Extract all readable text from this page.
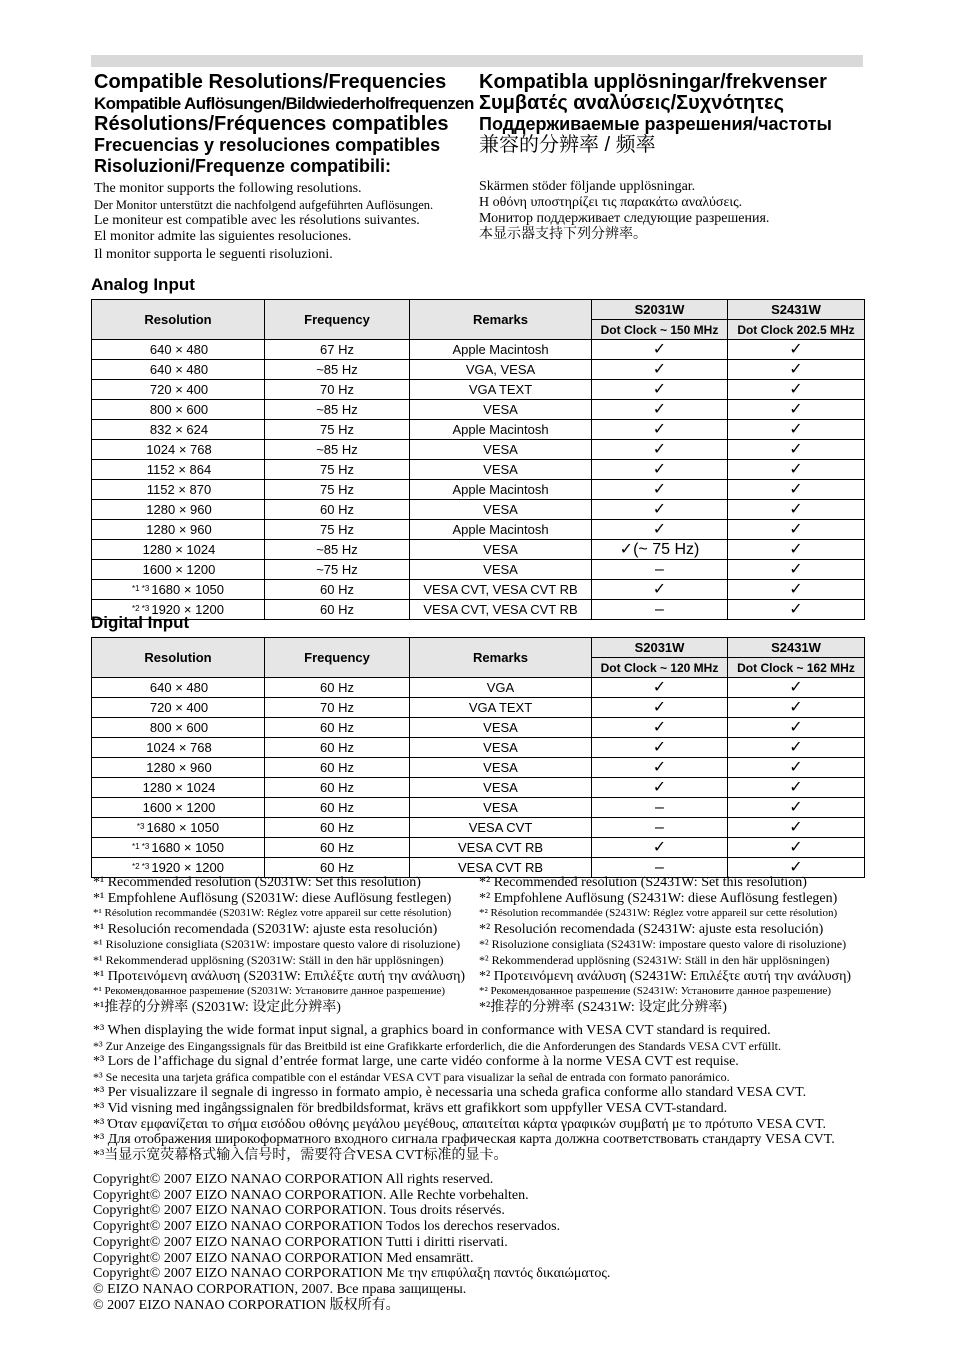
Compatible Resolutions/Frequencies
Kompatible Auflösungen/Bildwiederholfrequenzen
Résolutions/Fréquences compatibles
Frecuencias y resoluciones compatibles
Risoluzioni/Frequenze compatibili:
The monitor supports the following resolutions.
Der Monitor unterstützt die nachfolgend aufgeführten Auflösungen.
Le moniteur est compatible avec les résolutions suivantes.
El monitor admite las siguientes resoluciones.
Il monitor supporta le seguenti risoluzioni.
Kompatibla upplösningar/frekvenser
Συμβατές αναλύσεις/Συχνότητες
Поддерживаемые разрешения/частоты
兼容的分辨率 / 频率
Skärmen stöder följande upplösningar.
Η οθόνη υποστηρίζει τις παρακάτω αναλύσεις.
Монитор поддерживает следующие разрешения.
本显示器支持下列分辨率。
Analog Input
Resolution	Frequency	Remarks	S2031W	S2431W
			Dot Clock ~ 150 MHz	Dot Clock 202.5 MHz
640 × 480	67 Hz	Apple Macintosh	✓	✓
640 × 480	~85 Hz	VGA, VESA	✓	✓
720 × 400	70 Hz	VGA TEXT	✓	✓
800 × 600	~85 Hz	VESA	✓	✓
832 × 624	75 Hz	Apple Macintosh	✓	✓
1024 × 768	~85 Hz	VESA	✓	✓
1152 × 864	75 Hz	VESA	✓	✓
1152 × 870	75 Hz	Apple Macintosh	✓	✓
1280 × 960	60 Hz	VESA	✓	✓
1280 × 960	75 Hz	Apple Macintosh	✓	✓
1280 × 1024	~85 Hz	VESA	✓(~ 75 Hz)	✓
1600 × 1200	~75 Hz	VESA	–	✓
$^{*1 *3}$ 1680 × 1050	60 Hz	VESA CVT, VESA CVT RB	✓	✓
$^{*2 *3}$ 1920 × 1200	60 Hz	VESA CVT, VESA CVT RB	–	✓
Digital Input
Resolution	Frequency	Remarks	S2031W	S2431W
			Dot Clock ~ 120 MHz	Dot Clock ~ 162 MHz
640 × 480	60 Hz	VGA	✓	✓
720 × 400	70 Hz	VGA TEXT	✓	✓
800 × 600	60 Hz	VESA	✓	✓
1024 × 768	60 Hz	VESA	✓	✓
1280 × 960	60 Hz	VESA	✓	✓
1280 × 1024	60 Hz	VESA	✓	✓
1600 × 1200	60 Hz	VESA	–	✓
$^{*3}$ 1680 × 1050	60 Hz	VESA CVT	–	✓
$^{*1 *3}$ 1680 × 1050	60 Hz	VESA CVT RB	✓	✓
$^{*2 *3}$ 1920 × 1200	60 Hz	VESA CVT RB	–	✓
*¹ Recommended resolution (S2031W: Set this resolution)
*¹ Empfohlene Auflösung (S2031W: diese Auflösung festlegen)
*¹ Résolution recommandée (S2031W: Réglez votre appareil sur cette résolution)
*¹ Resolución recomendada (S2031W: ajuste esta resolución)
*¹ Risoluzione consigliata (S2031W: impostare questo valore di risoluzione)
*¹ Rekommenderad upplösning (S2031W: Ställ in den här upplösningen)
*¹ Προτεινόμενη ανάλυση (S2031W: Επιλέξτε αυτή την ανάλυση)
*¹ Рекомендованное разрешение (S2031W: Установите данное разрешение)
*¹推荐的分辨率 (S2031W: 设定此分辨率)
*² Recommended resolution (S2431W: Set this resolution)
*² Empfohlene Auflösung (S2431W: diese Auflösung festlegen)
*² Résolution recommandée (S2431W: Réglez votre appareil sur cette résolution)
*² Resolución recomendada (S2431W: ajuste esta resolución)
*² Risoluzione consigliata (S2431W: impostare questo valore di risoluzione)
*² Rekommenderad upplösning (S2431W: Ställ in den här upplösningen)
*² Προτεινόμενη ανάλυση (S2431W: Επιλέξτε αυτή την ανάλυση)
*² Рекомендованное разрешение (S2431W: Установите данное разрешение)
*²推荐的分辨率 (S2431W: 设定此分辨率)
*³ When displaying the wide format input signal, a graphics board in conformance with VESA CVT standard is required.
*³ Zur Anzeige des Eingangssignals für das Breitbild ist eine Grafikkarte erforderlich, die die Anforderungen des Standards VESA CVT erfüllt.
*³ Lors de l’affichage du signal d’entrée format large, une carte vidéo conforme à la norme VESA CVT est requise.
*³ Se necesita una tarjeta gráfica compatible con el estándar VESA CVT para visualizar la señal de entrada con formato panorámico.
*³ Per visualizzare il segnale di ingresso in formato ampio, è necessaria una scheda grafica conforme allo standard VESA CVT.
*³ Vid visning med ingångssignalen för bredbildsformat, krävs ett grafikkort som uppfyller VESA CVT-standard.
*³ Όταν εμφανίζεται το σήμα εισόδου οθόνης μεγάλου μεγέθους, απαιτείται κάρτα γραφικών συμβατή με το πρότυπο VESA CVT.
*³ Для отображения широкоформатного входного сигнала графическая карта должна соответствовать стандарту VESA CVT.
*³当显示宽荧幕格式输入信号时，需要符合VESA CVT标准的显卡。
Copyright© 2007 EIZO NANAO CORPORATION All rights reserved.
Copyright© 2007 EIZO NANAO CORPORATION. Alle Rechte vorbehalten.
Copyright© 2007 EIZO NANAO CORPORATION. Tous droits réservés.
Copyright© 2007 EIZO NANAO CORPORATION Todos los derechos reservados.
Copyright© 2007 EIZO NANAO CORPORATION Tutti i diritti riservati.
Copyright© 2007 EIZO NANAO CORPORATION Med ensamrätt.
Copyright© 2007 EIZO NANAO CORPORATION Με την επιφύλαξη παντός δικαιώματος.
© EIZO NANAO CORPORATION, 2007. Все права защищены.
© 2007 EIZO NANAO CORPORATION 版权所有。
